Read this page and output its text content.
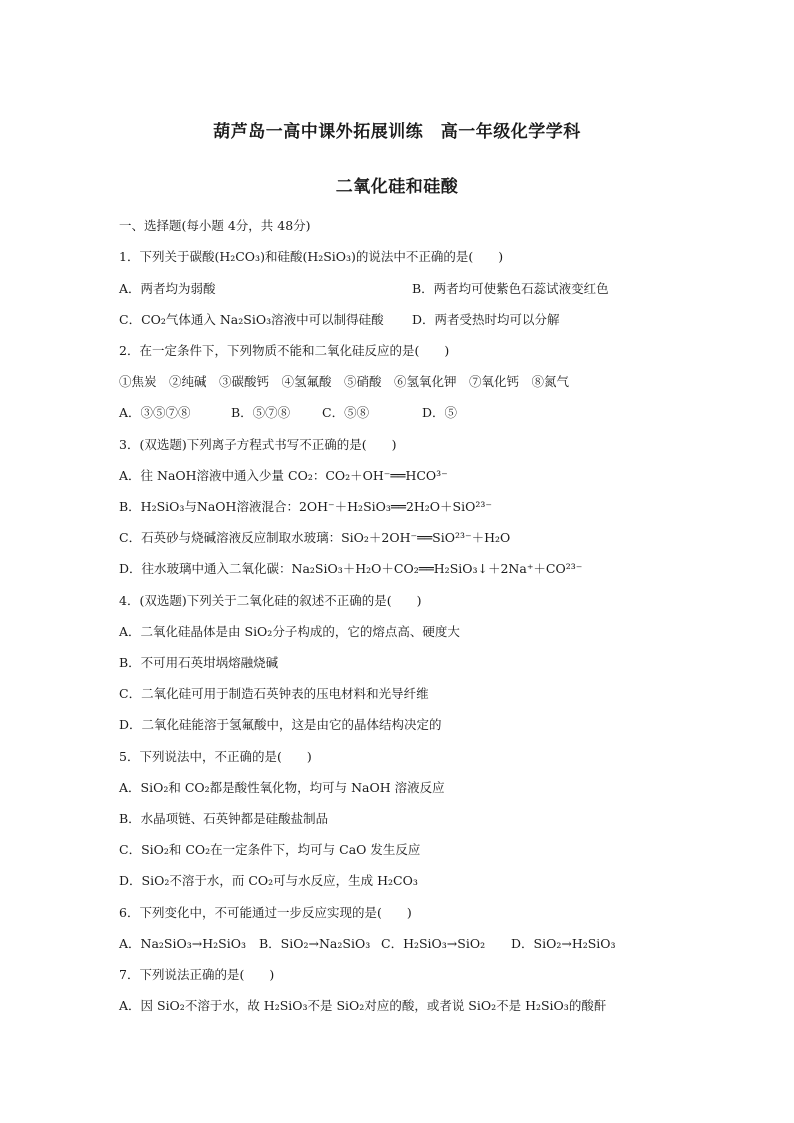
葫芦岛一高中课外拓展训练　高一年级化学学科
二氧化硅和硅酸
一、选择题(每小题 4分，共 48分)
1．下列关于碳酸(H₂CO₃)和硅酸(H₂SiO₃)的说法中不正确的是(　　)
A．两者均为弱酸	B．两者均可使紫色石蕊试液变红色
C．CO₂气体通入 Na₂SiO₃溶液中可以制得硅酸 D．两者受热时均可以分解
2．在一定条件下，下列物质不能和二氧化硅反应的是(　　)
①焦炭　②纯碱　③碳酸钙　④氢氟酸　⑤硝酸　⑥氢氧化钾　⑦氧化钙　⑧氮气
A．③⑤⑦⑧	B．⑤⑦⑧	C．⑤⑧	D．⑤
3．(双选题)下列离子方程式书写不正确的是(　　)
A．往 NaOH溶液中通入少量 CO₂：CO₂＋OH⁻══HCO³⁻
B．H₂SiO₃与NaOH溶液混合：2OH⁻＋H₂SiO₃══2H₂O＋SiO²³⁻
C．石英砂与烧碱溶液反应制取水玻璃：SiO₂＋2OH⁻══SiO²³⁻＋H₂O
D．往水玻璃中通入二氧化碳：Na₂SiO₃＋H₂O＋CO₂══H₂SiO₃↓＋2Na⁺＋CO²³⁻
4．(双选题)下列关于二氧化硅的叙述不正确的是(　　)
A．二氧化硅晶体是由 SiO₂分子构成的，它的熔点高、硬度大
B．不可用石英坩埚熔融烧碱
C．二氧化硅可用于制造石英钟表的压电材料和光导纤维
D．二氧化硅能溶于氢氟酸中，这是由它的晶体结构决定的
5．下列说法中，不正确的是(　　)
A．SiO₂和 CO₂都是酸性氧化物，均可与 NaOH 溶液反应
B．水晶项链、石英钟都是硅酸盐制品
C．SiO₂和 CO₂在一定条件下，均可与 CaO 发生反应
D．SiO₂不溶于水，而 CO₂可与水反应，生成 H₂CO₃
6．下列变化中，不可能通过一步反应实现的是(　　)
A．Na₂SiO₃→H₂SiO₃ B．SiO₂→Na₂SiO₃ C．H₂SiO₃→SiO₂ D．SiO₂→H₂SiO₃
7．下列说法正确的是(　　)
A．因 SiO₂不溶于水，故 H₂SiO₃不是 SiO₂对应的酸，或者说 SiO₂不是 H₂SiO₃的酸酐
